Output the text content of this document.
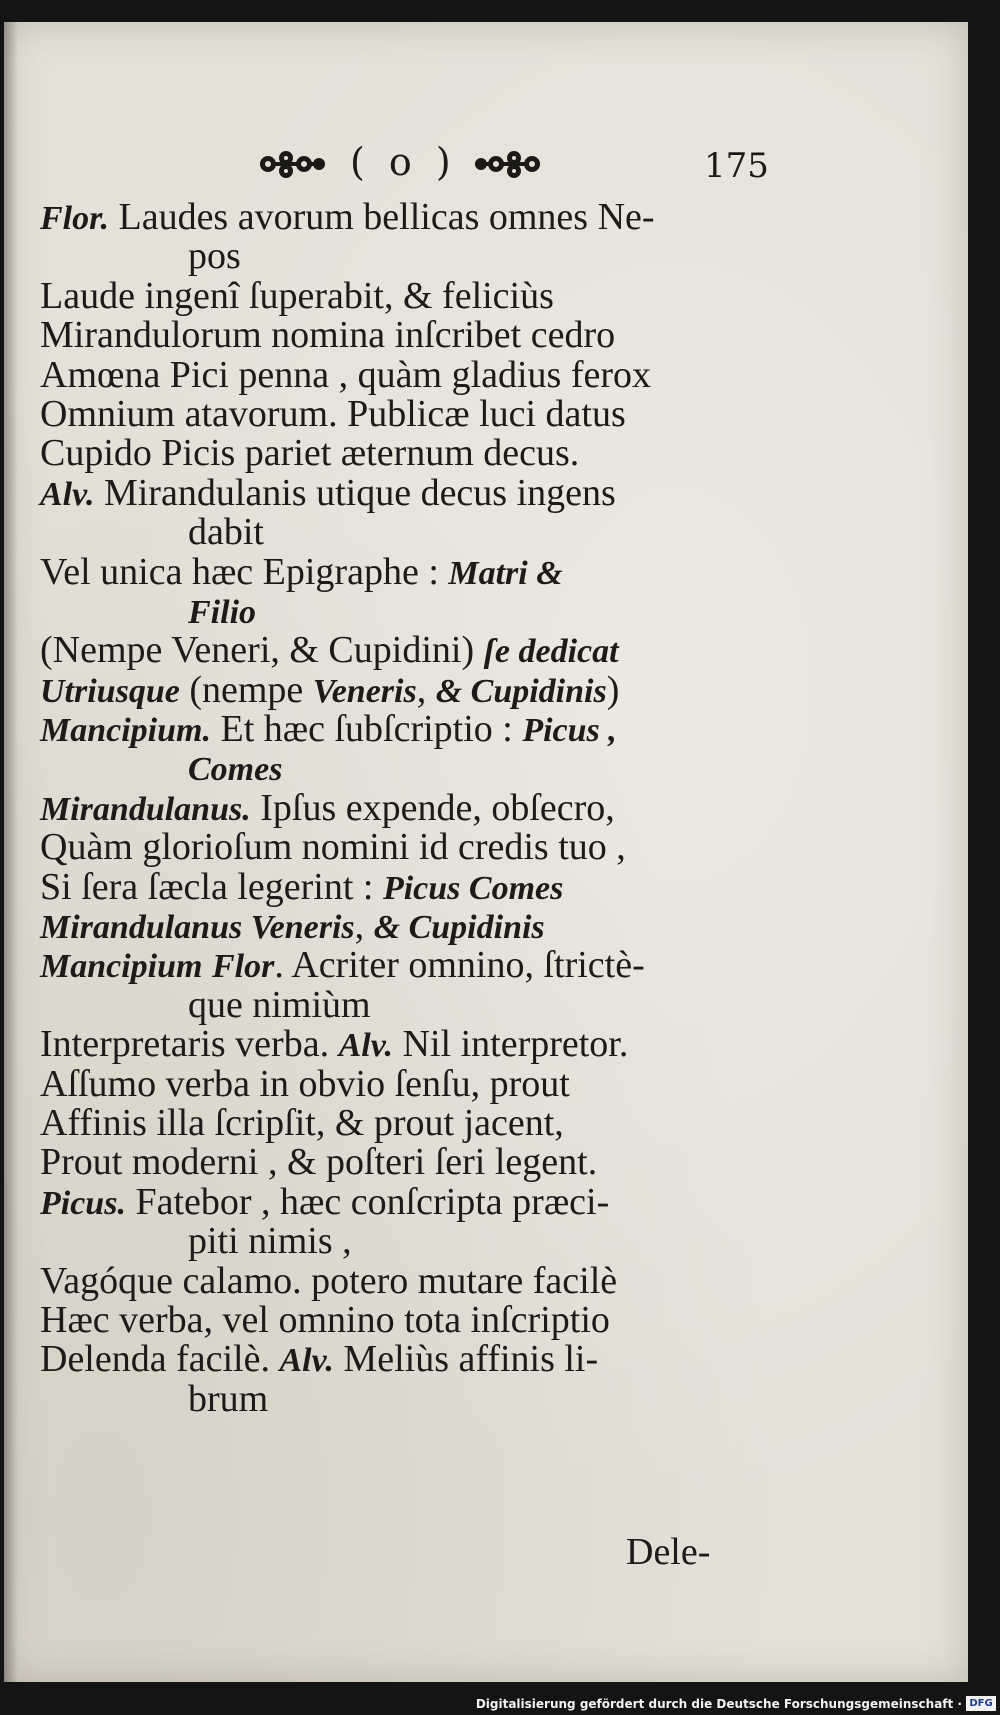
( o )	175
Flor. Laudes avorum bellicas omnes Ne-
pos
Laude ingenî ſuperabit, & feliciùs
Mirandulorum nomina inſcribet cedro
Amœna Pici penna , quàm gladius ferox
Omnium atavorum. Publicæ luci datus
Cupido Picis pariet æternum decus.
Alv. Mirandulanis utique decus ingens
dabit
Vel unica hæc Epigraphe : Matri &
Filio
(Nempe Veneri, & Cupidini) ſe dedicat
Utriusque (nempe Veneris, & Cupidinis)
Mancipium. Et hæc ſubſcriptio : Picus ,
Comes
Mirandulanus. Ipſus expende, obſecro,
Quàm glorioſum nomini id credis tuo ,
Si ſera ſæcla legerint : Picus Comes
Mirandulanus Veneris, & Cupidinis
Mancipium Flor. Acriter omnino, ſtrictè-
que nimiùm
Interpretaris verba. Alv. Nil interpretor.
Aſſumo verba in obvio ſenſu, prout
Affinis illa ſcripſit, & prout jacent,
Prout moderni , & poſteri ſeri legent.
Picus. Fatebor , hæc conſcripta præci-
piti nimis ,
Vagóque calamo. potero mutare facilè
Hæc verba, vel omnino tota inſcriptio
Delenda facilè. Alv. Meliùs affinis li-
brum
Dele-
Digitalisierung gefördert durch die Deutsche Forschungsgemeinschaft · DFG
